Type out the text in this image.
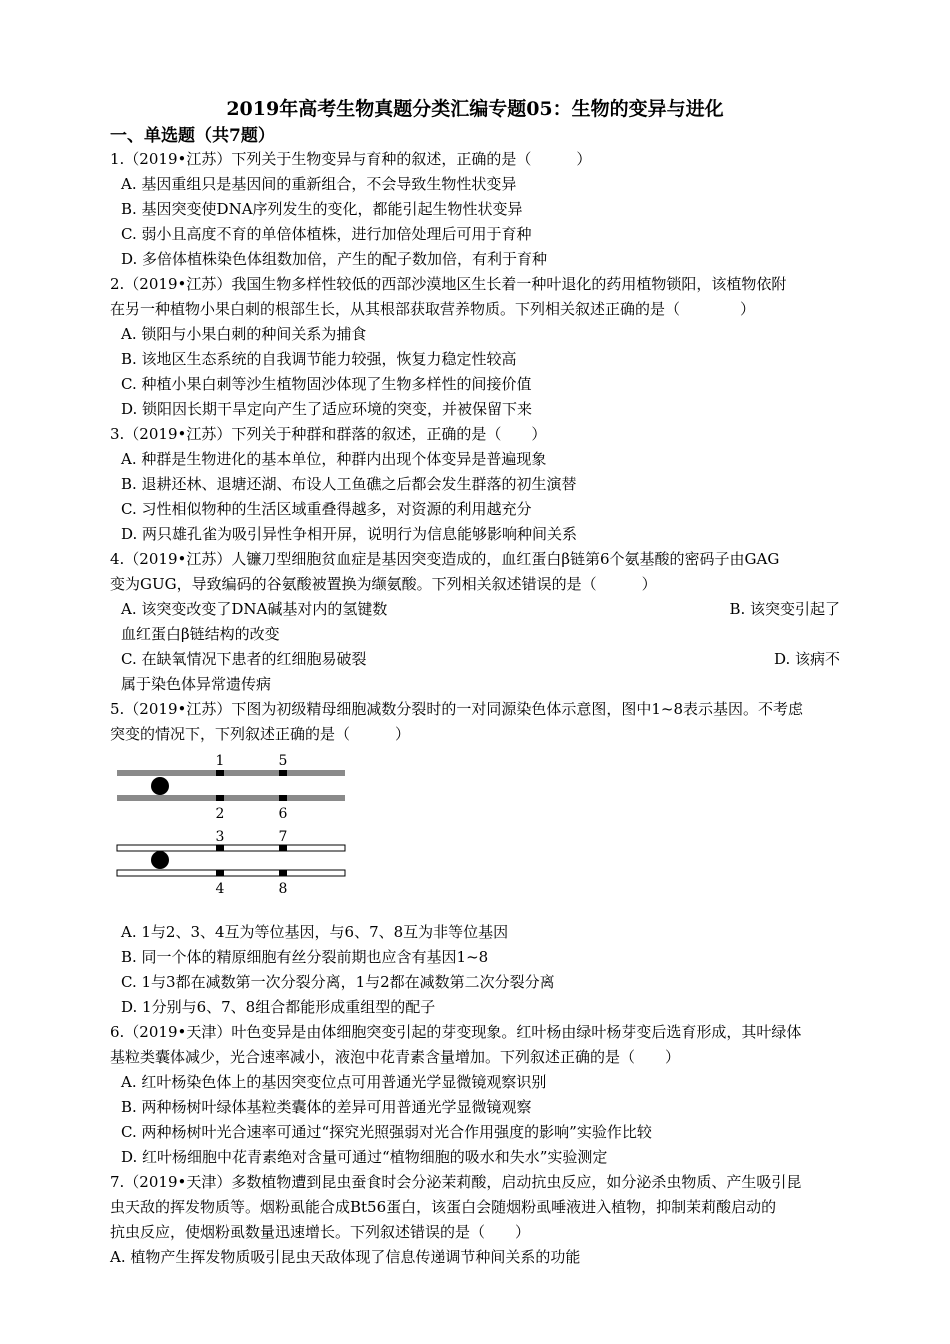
2019年高考生物真题分类汇编专题05：生物的变异与进化
一、单选题（共7题）
1.（2019•江苏）下列关于生物变异与育种的叙述，正确的是（　　　）
A. 基因重组只是基因间的重新组合，不会导致生物性状变异
B. 基因突变使DNA序列发生的变化，都能引起生物性状变异
C. 弱小且高度不育的单倍体植株，进行加倍处理后可用于育种
D. 多倍体植株染色体组数加倍，产生的配子数加倍，有利于育种
2.（2019•江苏）我国生物多样性较低的西部沙漠地区生长着一种叶退化的药用植物锁阳，该植物依附
在另一种植物小果白刺的根部生长，从其根部获取营养物质。下列相关叙述正确的是（　　　　）
A. 锁阳与小果白刺的种间关系为捕食
B. 该地区生态系统的自我调节能力较强，恢复力稳定性较高
C. 种植小果白刺等沙生植物固沙体现了生物多样性的间接价值
D. 锁阳因长期干旱定向产生了适应环境的突变，并被保留下来
3.（2019•江苏）下列关于种群和群落的叙述，正确的是（　　）
A. 种群是生物进化的基本单位，种群内出现个体变异是普遍现象
B. 退耕还林、退塘还湖、布设人工鱼礁之后都会发生群落的初生演替
C. 习性相似物种的生活区域重叠得越多，对资源的利用越充分
D. 两只雄孔雀为吸引异性争相开屏，说明行为信息能够影响种间关系
4.（2019•江苏）人镰刀型细胞贫血症是基因突变造成的，血红蛋白β链第6个氨基酸的密码子由GAG
变为GUG，导致编码的谷氨酸被置换为缬氨酸。下列相关叙述错误的是（　　　）
A. 该突变改变了DNA碱基对内的氢键数	B. 该突变引起了
血红蛋白β链结构的改变
C. 在缺氧情况下患者的红细胞易破裂	D. 该病不
属于染色体异常遗传病
5.（2019•江苏）下图为初级精母细胞减数分裂时的一对同源染色体示意图，图中1~8表示基因。不考虑
突变的情况下，下列叙述正确的是（　　　）
1	5
2	6
3	7
4	8
A. 1与2、3、4互为等位基因，与6、7、8互为非等位基因
B. 同一个体的精原细胞有丝分裂前期也应含有基因1~8
C. 1与3都在减数第一次分裂分离，1与2都在减数第二次分裂分离
D. 1分别与6、7、8组合都能形成重组型的配子
6.（2019•天津）叶色变异是由体细胞突变引起的芽变现象。红叶杨由绿叶杨芽变后选育形成，其叶绿体
基粒类囊体减少，光合速率减小，液泡中花青素含量增加。下列叙述正确的是（　　）
A. 红叶杨染色体上的基因突变位点可用普通光学显微镜观察识别
B. 两种杨树叶绿体基粒类囊体的差异可用普通光学显微镜观察
C. 两种杨树叶光合速率可通过“探究光照强弱对光合作用强度的影响”实验作比较
D. 红叶杨细胞中花青素绝对含量可通过“植物细胞的吸水和失水”实验测定
7.（2019•天津）多数植物遭到昆虫蚕食时会分泌茉莉酸，启动抗虫反应，如分泌杀虫物质、产生吸引昆
虫天敌的挥发物质等。烟粉虱能合成Bt56蛋白，该蛋白会随烟粉虱唾液进入植物，抑制茉莉酸启动的
抗虫反应，使烟粉虱数量迅速增长。下列叙述错误的是（　　）
A. 植物产生挥发物质吸引昆虫天敌体现了信息传递调节种间关系的功能
